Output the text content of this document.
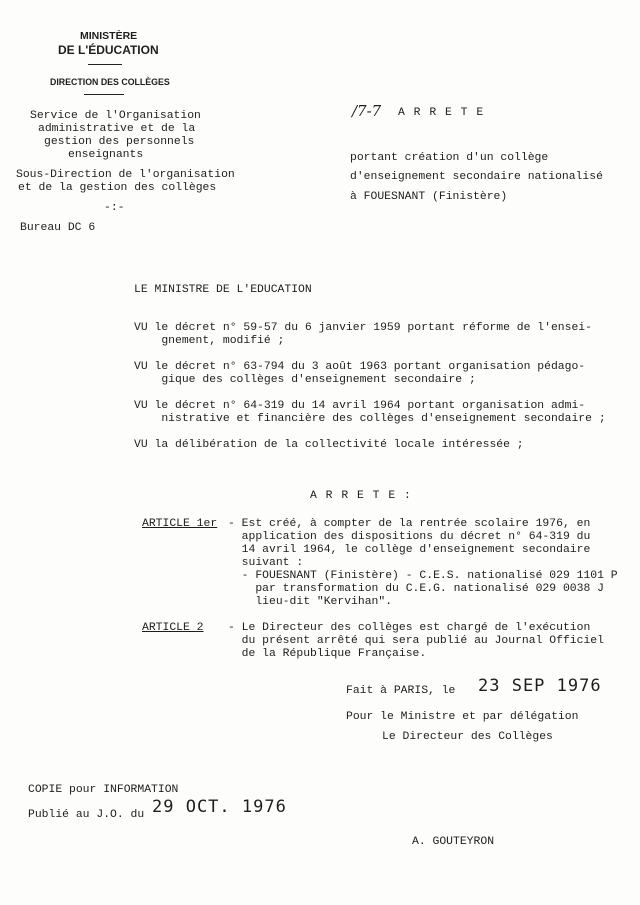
MINISTÈRE
DE L'ÉDUCATION
DIRECTION DES COLLÈGES
Service de l'Organisation
administrative et de la
gestion des personnels
enseignants
Sous-Direction de l'organisation
et de la gestion des collèges
-:-
Bureau DC 6
/7-7 A R R E T E
portant création d'un collège
d'enseignement secondaire nationalisé
à FOUESNANT (Finistère)
LE MINISTRE DE L'EDUCATION
VU le décret n° 59-57 du 6 janvier 1959 portant réforme de l'ensei-
gnement, modifié ;
VU le décret n° 63-794 du 3 août 1963 portant organisation pédago-
gique des collèges d'enseignement secondaire ;
VU le décret n° 64-319 du 14 avril 1964 portant organisation admi-
nistrative et financière des collèges d'enseignement secondaire ;
VU la délibération de la collectivité locale intéressée ;
A R R E T E :
ARTICLE 1er - Est créé, à compter de la rentrée scolaire 1976, en
application des dispositions du décret n° 64-319 du
14 avril 1964, le collège d'enseignement secondaire
suivant :
- FOUESNANT (Finistère) - C.E.S. nationalisé 029 1101 P
par transformation du C.E.G. nationalisé 029 0038 J
lieu-dit "Kervihan".
ARTICLE 2 - Le Directeur des collèges est chargé de l'exécution
du présent arrêté qui sera publié au Journal Officiel
de la République Française.
Fait à PARIS, le 23 SEP 1976
Pour le Ministre et par délégation
Le Directeur des Collèges
COPIE pour INFORMATION
Publié au J.O. du 29 OCT. 1976
A. GOUTEYRON
